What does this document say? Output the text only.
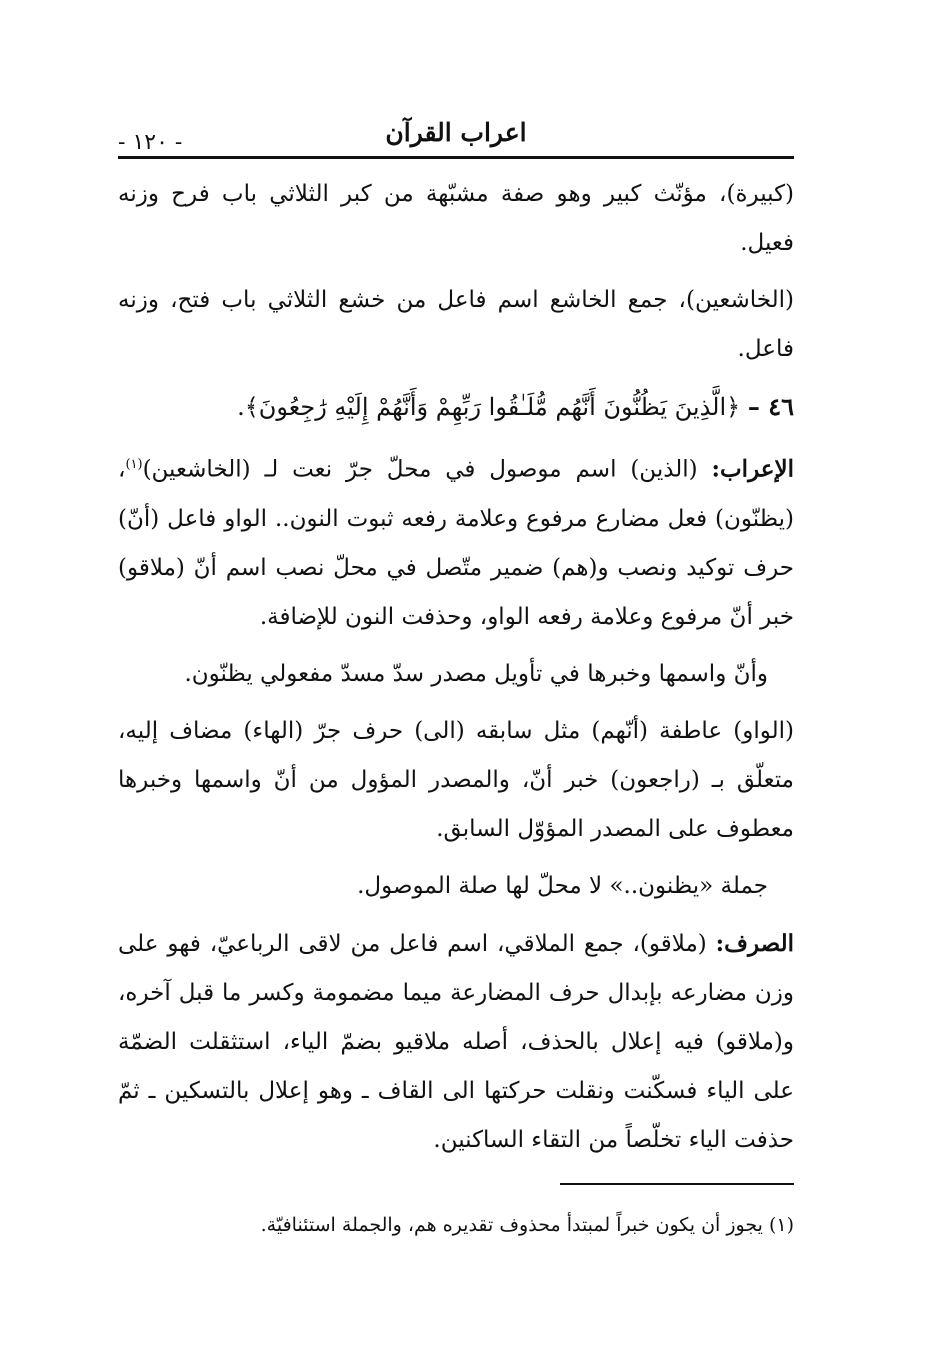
- ١٢٠ -	اعراب القرآن

(كبيرة)، مؤنّث كبير وهو صفة مشبّهة من كبر الثلاثي باب فرح وزنه فعيل.

(الخاشعين)، جمع الخاشع اسم فاعل من خشع الثلاثي باب فتح، وزنه فاعل.

٤٦ – ﴿الَّذِينَ يَظُنُّونَ أَنَّهُم مُّلَـٰقُوا رَبِّهِمْ وَأَنَّهُمْ إِلَيْهِ رَٰجِعُونَ﴾.

الإعراب: (الذين) اسم موصول في محلّ جرّ نعت لـ (الخاشعين)$^{(١)}$، (يظنّون) فعل مضارع مرفوع وعلامة رفعه ثبوت النون.. الواو فاعل (أنّ) حرف توكيد ونصب و(هم) ضمير متّصل في محلّ نصب اسم أنّ (ملاقو) خبر أنّ مرفوع وعلامة رفعه الواو، وحذفت النون للإضافة.

وأنّ واسمها وخبرها في تأويل مصدر سدّ مسدّ مفعولي يظنّون.

(الواو) عاطفة (أنّهم) مثل سابقه (الى) حرف جرّ (الهاء) مضاف إليه، متعلّق بـ (راجعون) خبر أنّ، والمصدر المؤول من أنّ واسمها وخبرها معطوف على المصدر المؤوّل السابق.

جملة «يظنون..» لا محلّ لها صلة الموصول.

الصرف: (ملاقو)، جمع الملاقي، اسم فاعل من لاقى الرباعيّ، فهو على وزن مضارعه بإبدال حرف المضارعة ميما مضمومة وكسر ما قبل آخره، و(ملاقو) فيه إعلال بالحذف، أصله ملاقيو بضمّ الياء، استثقلت الضمّة على الياء فسكّنت ونقلت حركتها الى القاف ـ وهو إعلال بالتسكين ـ ثمّ حذفت الياء تخلّصاً من التقاء الساكنين.

(١) يجوز أن يكون خبراً لمبتدأ محذوف تقديره هم، والجملة استئنافيّة.
